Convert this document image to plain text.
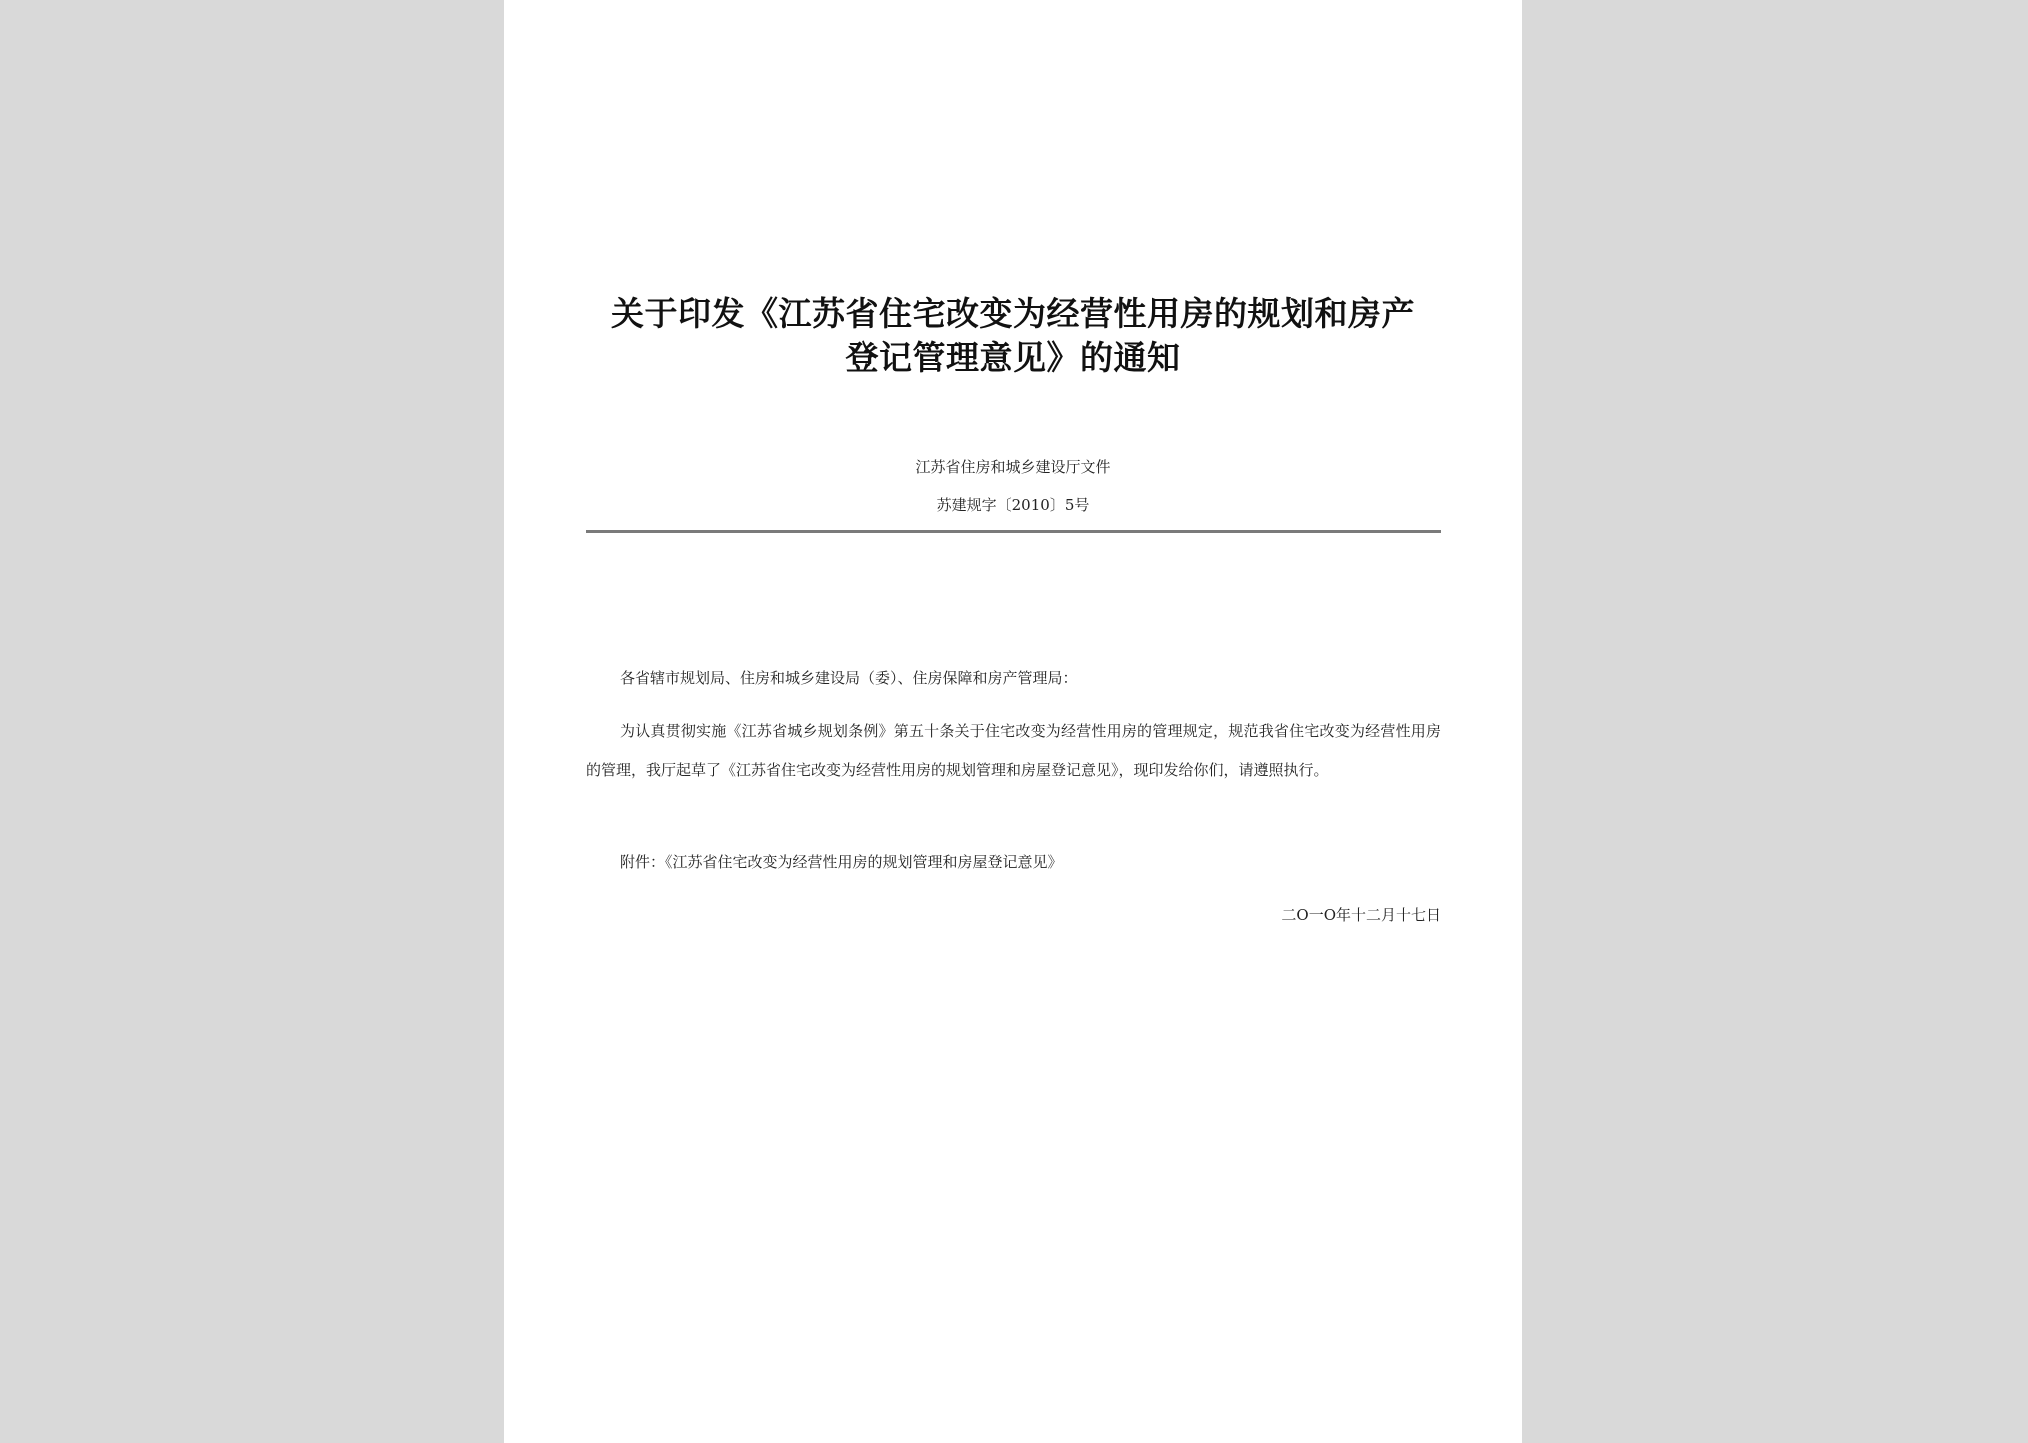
关于印发《江苏省住宅改变为经营性用房的规划和房产
登记管理意见》的通知
江苏省住房和城乡建设厅文件
苏建规字〔2010〕5号
各省辖市规划局、住房和城乡建设局（委）、住房保障和房产管理局：
为认真贯彻实施《江苏省城乡规划条例》第五十条关于住宅改变为经营性用房的管理规定，规范我省住宅改变为经营性用房的管理，我厅起草了《江苏省住宅改变为经营性用房的规划管理和房屋登记意见》，现印发给你们，请遵照执行。
附件：《江苏省住宅改变为经营性用房的规划管理和房屋登记意见》
二O一O年十二月十七日
